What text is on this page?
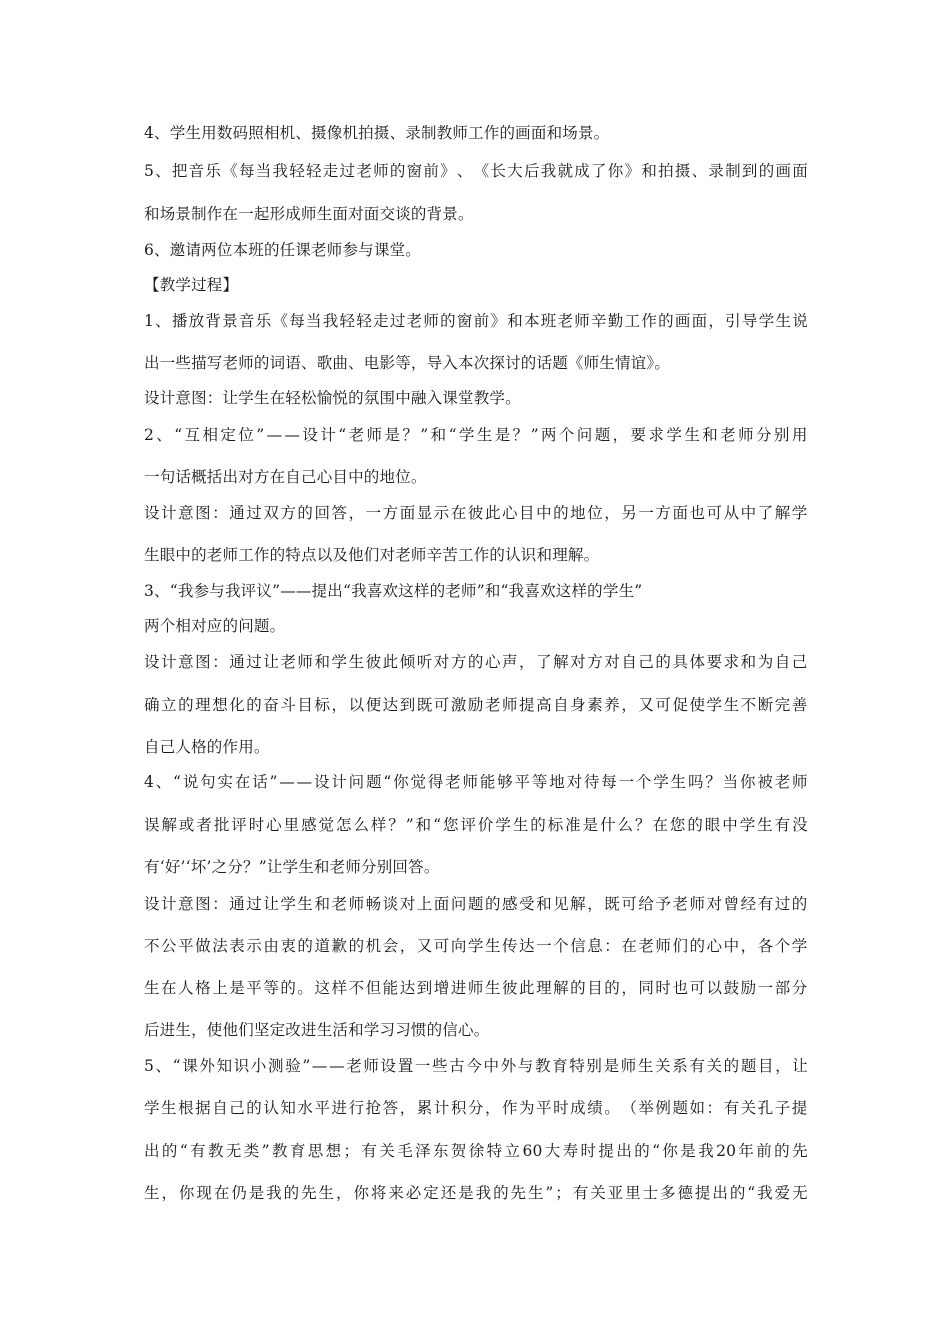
4、学生用数码照相机、摄像机拍摄、录制教师工作的画面和场景。
5 、 把 音 乐 《 每 当 我 轻 轻 走 过 老 师 的 窗 前 》 、 《 长 大 后 我 就 成 了 你 》 和 拍 摄 、 录 制 到 的 画 面
和场景制作在一起形成师生面对面交谈的背景。
6、邀请两位本班的任课老师参与课堂。
【教学过程】
1 、 播 放 背 景 音 乐 《 每 当 我 轻 轻 走 过 老 师 的 窗 前 》 和 本 班 老 师 辛 勤 工 作 的 画 面 ， 引 导 学 生 说
出一些描写老师的词语、歌曲、电影等，导入本次探讨的话题《师生情谊》。
设计意图：让学生在轻松愉悦的氛围中融入课堂教学。
2 、 “ 互 相 定 位 ” — — 设 计 “ 老 师 是 ？ ” 和 “ 学 生 是 ？ ” 两 个 问 题 ， 要 求 学 生 和 老 师 分 别 用
一句话概括出对方在自己心目中的地位。
设 计 意 图 ： 通 过 双 方 的 回 答 ， 一 方 面 显 示 在 彼 此 心 目 中 的 地 位 ， 另 一 方 面 也 可 从 中 了 解 学
生眼中的老师工作的特点以及他们对老师辛苦工作的认识和理解。
3、“我参与我评议”——提出“我喜欢这样的老师”和“我喜欢这样的学生”
两个相对应的问题。
设 计 意 图 ： 通 过 让 老 师 和 学 生 彼 此 倾 听 对 方 的 心 声 ， 了 解 对 方 对 自 己 的 具 体 要 求 和 为 自 己
确 立 的 理 想 化 的 奋 斗 目 标 ， 以 便 达 到 既 可 激 励 老 师 提 高 自 身 素 养 ， 又 可 促 使 学 生 不 断 完 善
自己人格的作用。
4 、 “ 说 句 实 在 话 ” — — 设 计 问 题 “ 你 觉 得 老 师 能 够 平 等 地 对 待 每 一 个 学 生 吗 ？ 当 你 被 老 师
误 解 或 者 批 评 时 心 里 感 觉 怎 么 样 ？ ” 和 “ 您 评 价 学 生 的 标 准 是 什 么 ？ 在 您 的 眼 中 学 生 有 没
有‘好’‘坏’之分？”让学生和老师分别回答。
设 计 意 图 ： 通 过 让 学 生 和 老 师 畅 谈 对 上 面 问 题 的 感 受 和 见 解 ， 既 可 给 予 老 师 对 曾 经 有 过 的
不 公 平 做 法 表 示 由 衷 的 道 歉 的 机 会 ， 又 可 向 学 生 传 达 一 个 信 息 ： 在 老 师 们 的 心 中 ， 各 个 学
生 在 人 格 上 是 平 等 的 。 这 样 不 但 能 达 到 增 进 师 生 彼 此 理 解 的 目 的 ， 同 时 也 可 以 鼓 励 一 部 分
后进生，使他们坚定改进生活和学习习惯的信心。
5 、 “ 课 外 知 识 小 测 验 ” — — 老 师 设 置 一 些 古 今 中 外 与 教 育 特 别 是 师 生 关 系 有 关 的 题 目 ， 让
学 生 根 据 自 己 的 认 知 水 平 进 行 抢 答 ， 累 计 积 分 ， 作 为 平 时 成 绩 。 （ 举 例 题 如 ： 有 关 孔 子 提
出 的 “ 有 教 无 类 ” 教 育 思 想 ； 有 关 毛 泽 东 贺 徐 特 立 60 大 寿 时 提 出 的 “ 你 是 我 20 年 前 的 先
生 ， 你 现 在 仍 是 我 的 先 生 ， 你 将 来 必 定 还 是 我 的 先 生 ” ； 有 关 亚 里 士 多 德 提 出 的 “ 我 爱 无
